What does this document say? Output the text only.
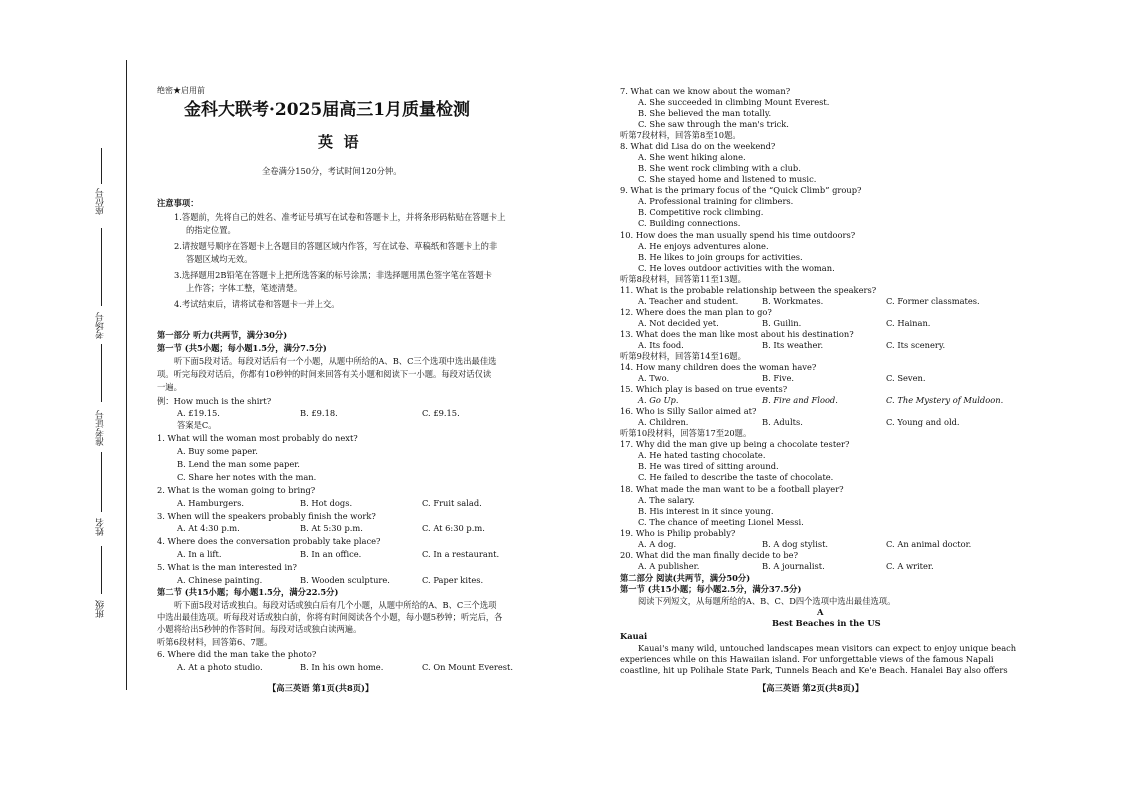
座位号
考场号
准考证号
姓名
班级
绝密★启用前
金科大联考·2025届高三1月质量检测
英  语
全卷满分150分，考试时间120分钟。
注意事项：
1.答题前，先将自己的姓名、准考证号填写在试卷和答题卡上，并将条形码粘贴在答题卡上
的指定位置。
2.请按题号顺序在答题卡上各题目的答题区域内作答，写在试卷、草稿纸和答题卡上的非
答题区域均无效。
3.选择题用2B铅笔在答题卡上把所选答案的标号涂黑；非选择题用黑色签字笔在答题卡
上作答；字体工整，笔迹清楚。
4.考试结束后，请将试卷和答题卡一并上交。
第一部分 听力(共两节，满分30分)
第一节 (共5小题；每小题1.5分，满分7.5分)
听下面5段对话。每段对话后有一个小题，从题中所给的A、B、C三个选项中选出最佳选
项。听完每段对话后，你都有10秒钟的时间来回答有关小题和阅读下一小题。每段对话仅读
一遍。
例：How much is the shirt?
A. £19.15.	B. £9.18.	C. £9.15.
答案是C。
1. What will the woman most probably do next?
A. Buy some paper.
B. Lend the man some paper.
C. Share her notes with the man.
2. What is the woman going to bring?
A. Hamburgers.	B. Hot dogs.	C. Fruit salad.
3. When will the speakers probably finish the work?
A. At 4:30 p.m.	B. At 5:30 p.m.	C. At 6:30 p.m.
4. Where does the conversation probably take place?
A. In a lift.	B. In an office.	C. In a restaurant.
5. What is the man interested in?
A. Chinese painting.	B. Wooden sculpture.	C. Paper kites.
第二节 (共15小题；每小题1.5分，满分22.5分)
听下面5段对话或独白。每段对话或独白后有几个小题，从题中所给的A、B、C三个选项
中选出最佳选项。听每段对话或独白前，你将有时间阅读各个小题，每小题5秒钟；听完后，各
小题将给出5秒钟的作答时间。每段对话或独白读两遍。
听第6段材料，回答第6、7题。
6. Where did the man take the photo?
A. At a photo studio.	B. In his own home.	C. On Mount Everest.
【高三英语 第1页(共8页)】
7. What can we know about the woman?
A. She succeeded in climbing Mount Everest.
B. She believed the man totally.
C. She saw through the man's trick.
听第7段材料，回答第8至10题。
8. What did Lisa do on the weekend?
A. She went hiking alone.
B. She went rock climbing with a club.
C. She stayed home and listened to music.
9. What is the primary focus of the “Quick Climb” group?
A. Professional training for climbers.
B. Competitive rock climbing.
C. Building connections.
10. How does the man usually spend his time outdoors?
A. He enjoys adventures alone.
B. He likes to join groups for activities.
C. He loves outdoor activities with the woman.
听第8段材料，回答第11至13题。
11. What is the probable relationship between the speakers?
A. Teacher and student.	B. Workmates.	C. Former classmates.
12. Where does the man plan to go?
A. Not decided yet.	B. Guilin.	C. Hainan.
13. What does the man like most about his destination?
A. Its food.	B. Its weather.	C. Its scenery.
听第9段材料，回答第14至16题。
14. How many children does the woman have?
A. Two.	B. Five.	C. Seven.
15. Which play is based on true events?
A. Go Up.	B. Fire and Flood.	C. The Mystery of Muldoon.
16. Who is Silly Sailor aimed at?
A. Children.	B. Adults.	C. Young and old.
听第10段材料，回答第17至20题。
17. Why did the man give up being a chocolate tester?
A. He hated tasting chocolate.
B. He was tired of sitting around.
C. He failed to describe the taste of chocolate.
18. What made the man want to be a football player?
A. The salary.
B. His interest in it since young.
C. The chance of meeting Lionel Messi.
19. Who is Philip probably?
A. A dog.	B. A dog stylist.	C. An animal doctor.
20. What did the man finally decide to be?
A. A publisher.	B. A journalist.	C. A writer.
第二部分 阅读(共两节，满分50分)
第一节 (共15小题；每小题2.5分，满分37.5分)
阅读下列短文，从每题所给的A、B、C、D四个选项中选出最佳选项。
A
Best Beaches in the US
Kauai
Kauai's many wild, untouched landscapes mean visitors can expect to enjoy unique beach
experiences while on this Hawaiian island. For unforgettable views of the famous Napali
coastline, hit up Polihale State Park, Tunnels Beach and Ke'e Beach. Hanalei Bay also offers
【高三英语 第2页(共8页)】
